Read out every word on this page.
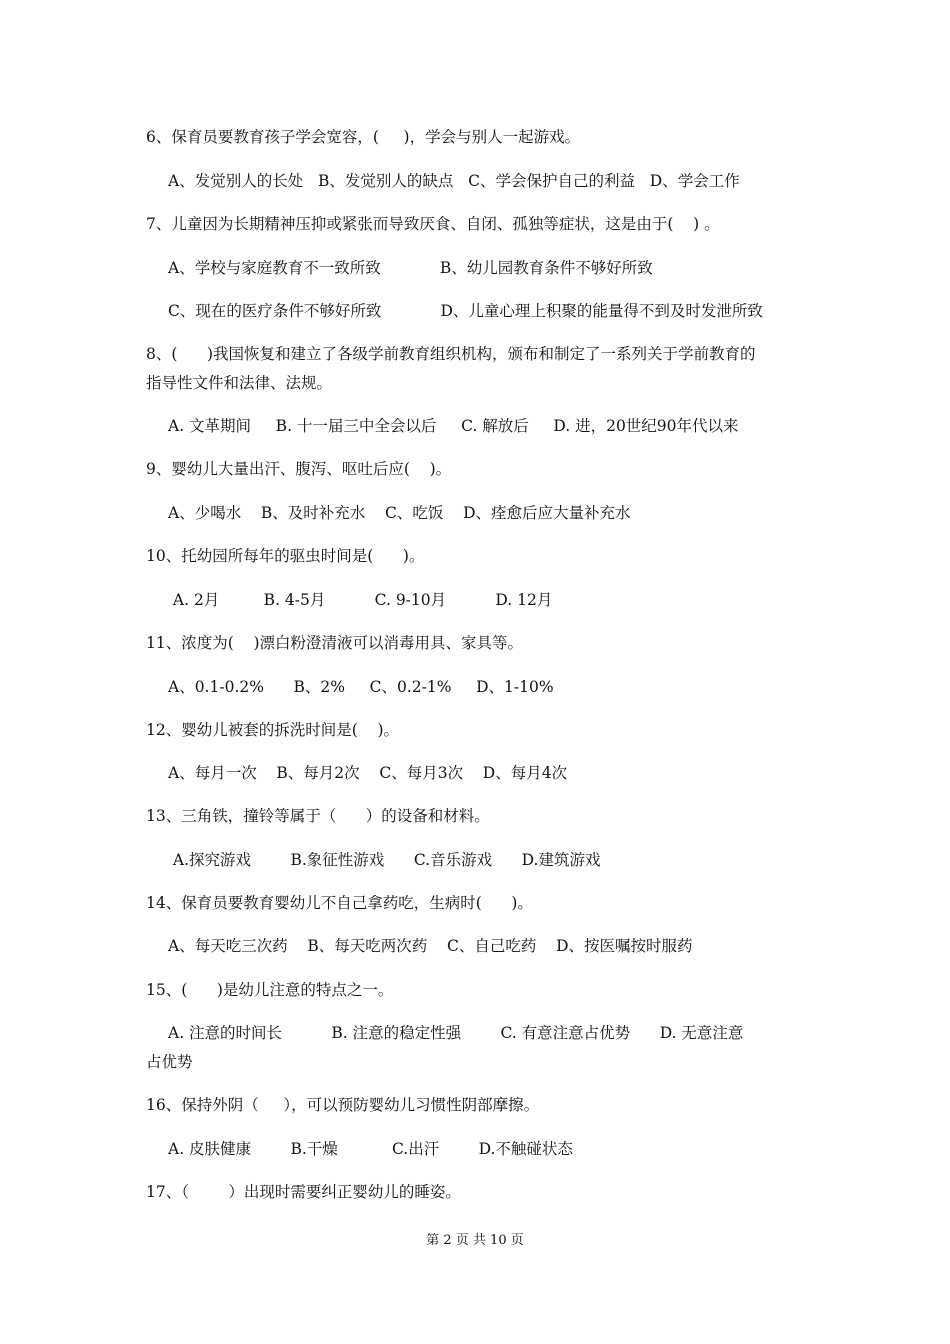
6、保育员要教育孩子学会宽容，(     )，学会与别人一起游戏。
A、发觉别人的长处   B、发觉别人的缺点   C、学会保护自己的利益   D、学会工作
7、儿童因为长期精神压抑或紧张而导致厌食、自闭、孤独等症状，这是由于(    ) 。
A、学校与家庭教育不一致所致            B、幼儿园教育条件不够好所致
C、现在的医疗条件不够好所致            D、儿童心理上积聚的能量得不到及时发泄所致
8、(      )我国恢复和建立了各级学前教育组织机构，颁布和制定了一系列关于学前教育的
指导性文件和法律、法规。
A. 文革期间     B. 十一届三中全会以后     C. 解放后     D. 进，20世纪90年代以来
9、婴幼儿大量出汗、腹泻、呕吐后应(    )。
A、少喝水    B、及时补充水    C、吃饭    D、痊愈后应大量补充水
10、托幼园所每年的驱虫时间是(      )。
A. 2月         B. 4-5月          C. 9-10月          D. 12月
11、浓度为(    )漂白粉澄清液可以消毒用具、家具等。
A、0.1-0.2%      B、2%     C、0.2-1%     D、1-10%
12、婴幼儿被套的拆洗时间是(    )。
A、每月一次    B、每月2次    C、每月3次    D、每月4次
13、三角铁，撞铃等属于（      ）的设备和材料。
A.探究游戏        B.象征性游戏      C.音乐游戏      D.建筑游戏
14、保育员要教育婴幼儿不自己拿药吃，生病时(      )。
A、每天吃三次药    B、每天吃两次药    C、自己吃药    D、按医嘱按时服药
15、(      )是幼儿注意的特点之一。
A. 注意的时间长          B. 注意的稳定性强        C. 有意注意占优势      D. 无意注意
占优势
16、保持外阴（     ），可以预防婴幼儿习惯性阴部摩擦。
A. 皮肤健康        B.干燥           C.出汗        D.不触碰状态
17、（        ）出现时需要纠正婴幼儿的睡姿。
第 2 页 共 10 页
